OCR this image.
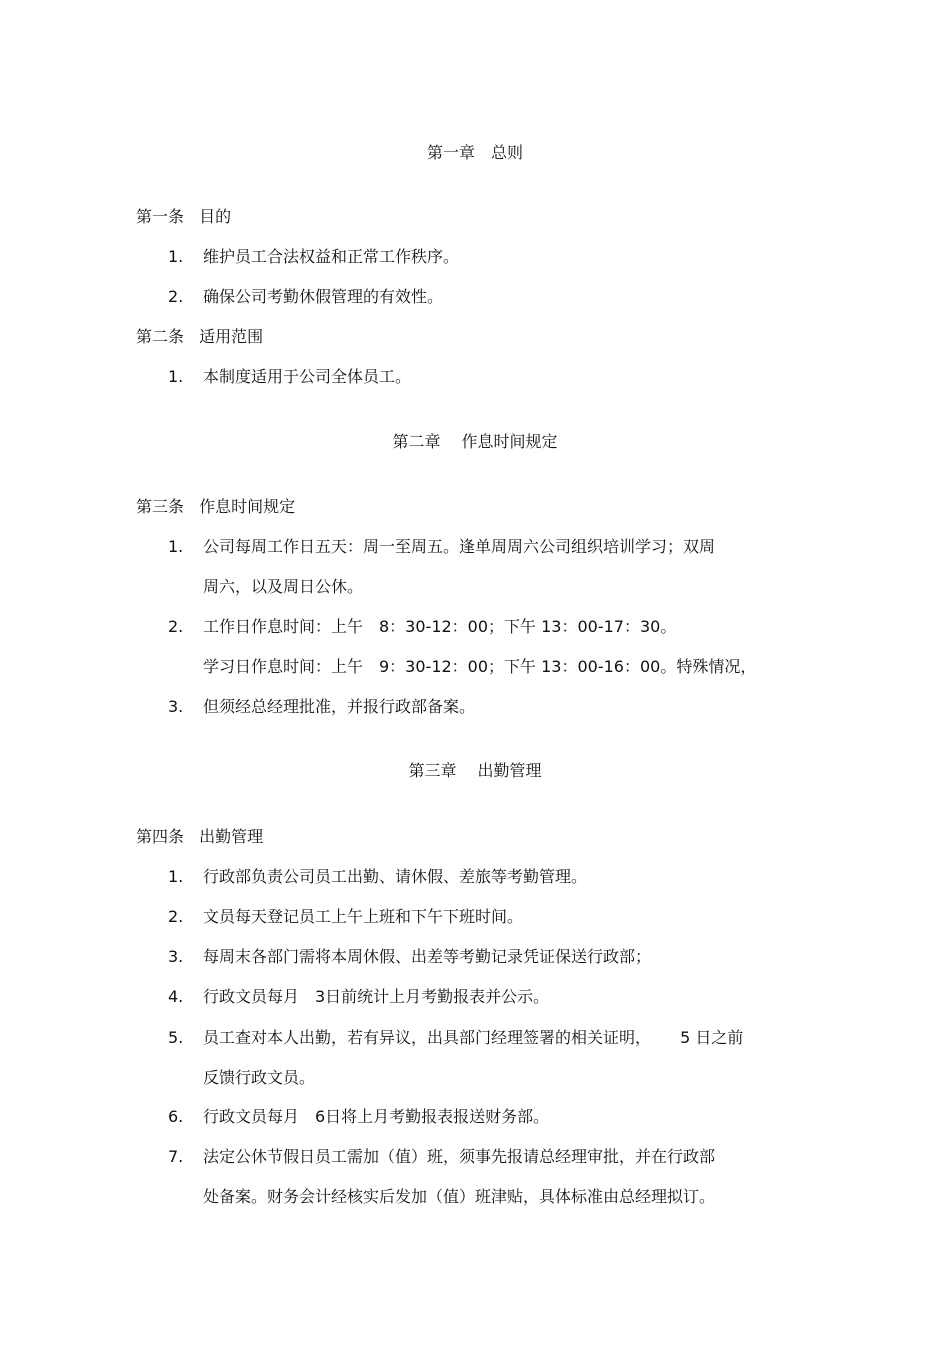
第一章　总则
第一条 目的
1.	维护员工合法权益和正常工作秩序。
2.	确保公司考勤休假管理的有效性。
第二条 适用范围
1.	本制度适用于公司全体员工。
第二章　 作息时间规定
第三条 作息时间规定
1.	公司每周工作日五天：周一至周五。逢单周周六公司组织培训学习；双周
周六，以及周日公休。
2.	工作日作息时间：上午　8：30-12：00；下午 13：00-17：30。
学习日作息时间：上午　9：30-12：00；下午 13：00-16：00。特殊情况，
3.	但须经总经理批准，并报行政部备案。
第三章　 出勤管理
第四条 出勤管理
1.	行政部负责公司员工出勤、请休假、差旅等考勤管理。
2.	文员每天登记员工上午上班和下午下班时间。
3.	每周末各部门需将本周休假、出差等考勤记录凭证保送行政部；
4.	行政文员每月　3日前统计上月考勤报表并公示。
5.	员工查对本人出勤，若有异议，出具部门经理签署的相关证明，　　 5 日之前
反馈行政文员。
6.	行政文员每月　6日将上月考勤报表报送财务部。
7.	法定公休节假日员工需加（值）班，须事先报请总经理审批，并在行政部
处备案。财务会计经核实后发加（值）班津贴，具体标准由总经理拟订。
